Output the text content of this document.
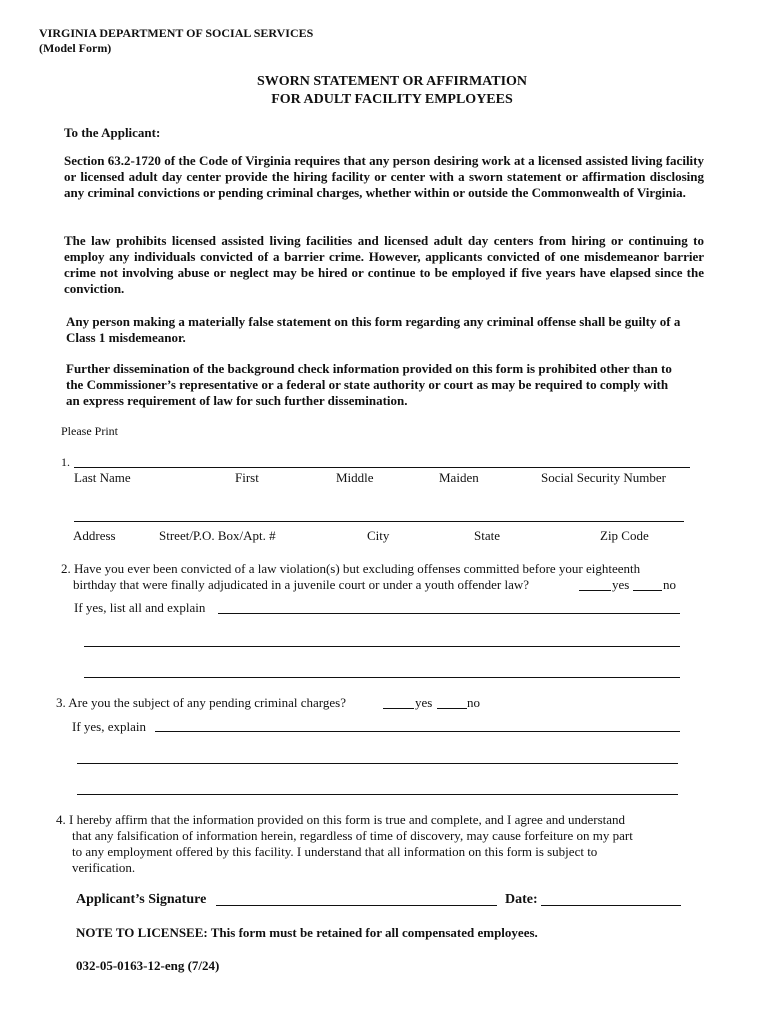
VIRGINIA DEPARTMENT OF SOCIAL SERVICES
(Model Form)
SWORN STATEMENT OR AFFIRMATION
FOR ADULT FACILITY EMPLOYEES
To the Applicant:

Section 63.2-1720 of the Code of Virginia requires that any person desiring work at a licensed assisted living facility or licensed adult day center provide the hiring facility or center with a sworn statement or affirmation disclosing any criminal convictions or pending criminal charges, whether within or outside the Commonwealth of Virginia.

The law prohibits licensed assisted living facilities and licensed adult day centers from hiring or continuing to employ any individuals convicted of a barrier crime. However, applicants convicted of one misdemeanor barrier crime not involving abuse or neglect may be hired or continue to be employed if five years have elapsed since the conviction.

Any person making a materially false statement on this form regarding any criminal offense shall be guilty of a Class 1 misdemeanor.

Further dissemination of the background check information provided on this form is prohibited other than to the Commissioner’s representative or a federal or state authority or court as may be required to comply with an express requirement of law for such further dissemination.

Please Print
1.
Last Name	First	Middle	Maiden	Social Security Number
Address	Street/P.O. Box/Apt. #	City	State	Zip Code
2. Have you ever been convicted of a law violation(s) but excluding offenses committed before your eighteenth
birthday that were finally adjudicated in a juvenile court or under a youth offender law?	yes	no
If yes, list all and explain
3. Are you the subject of any pending criminal charges?	yes	no
If yes, explain
4. I hereby affirm that the information provided on this form is true and complete, and I agree and understand
that any falsification of information herein, regardless of time of discovery, may cause forfeiture on my part
to any employment offered by this facility. I understand that all information on this form is subject to
verification.
Applicant’s Signature	Date:
NOTE TO LICENSEE: This form must be retained for all compensated employees.
032-05-0163-12-eng (7/24)
